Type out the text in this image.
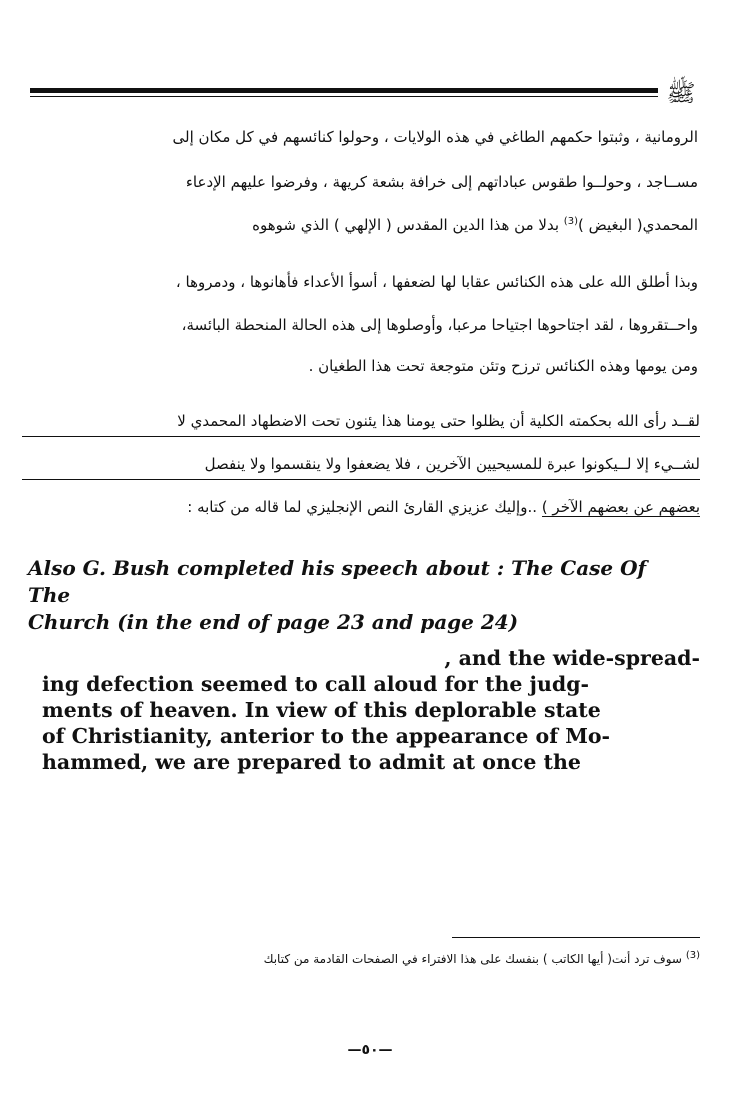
ﷺ
الرومانية ، وثبتوا حكمهم الطاغي في هذه الولايات ، وحولوا كنائسهم في كل مكان إلى
مســاجد ، وحولــوا طقوس عباداتهم إلى خرافة بشعة كريهة ، وفرضوا عليهم الإدعاء
المحمدي( البغيض )$^{(3)}$ بدلا من هذا الدين المقدس ( الإلهي ) الذي شوهوه
وبذا أطلق الله على هذه الكنائس عقابا لها لضعفها ، أسوأ الأعداء فأهانوها ، ودمروها ،
واحــتقروها ، لقد اجتاحوها اجتياحا مرعبا، وأوصلوها إلى هذه الحالة المنحطة البائسة،
ومن يومها وهذه الكنائس ترزح وتئن متوجعة تحت هذا الطغيان .
لقــد رأى الله بحكمته الكلية أن يظلوا حتى يومنا هذا يئنون تحت الاضطهاد المحمدي لا
لشــيء إلا لــيكونوا عبرة للمسيحيين الآخرين ، فلا يضعفوا ولا ينقسموا ولا ينفصل
بعضهم عن بعضهم الآخر ) ..وإليك عزيزي القارئ النص الإنجليزي لما قاله من كتابه :
Also G. Bush completed his speech about : The Case Of The
Church (in the end of page 23 and page 24)
, and the wide-spread-
ing defection seemed to call aloud for the judg-
ments of heaven. In view of this deplorable state
of Christianity, anterior to the appearance of Mo-
hammed, we are prepared to admit at once the
$^{(3)}$ سوف ترد أنت( أيها الكاتب ) بنفسك على هذا الافتراء في الصفحات القادمة من كتابك
—٥٠—
